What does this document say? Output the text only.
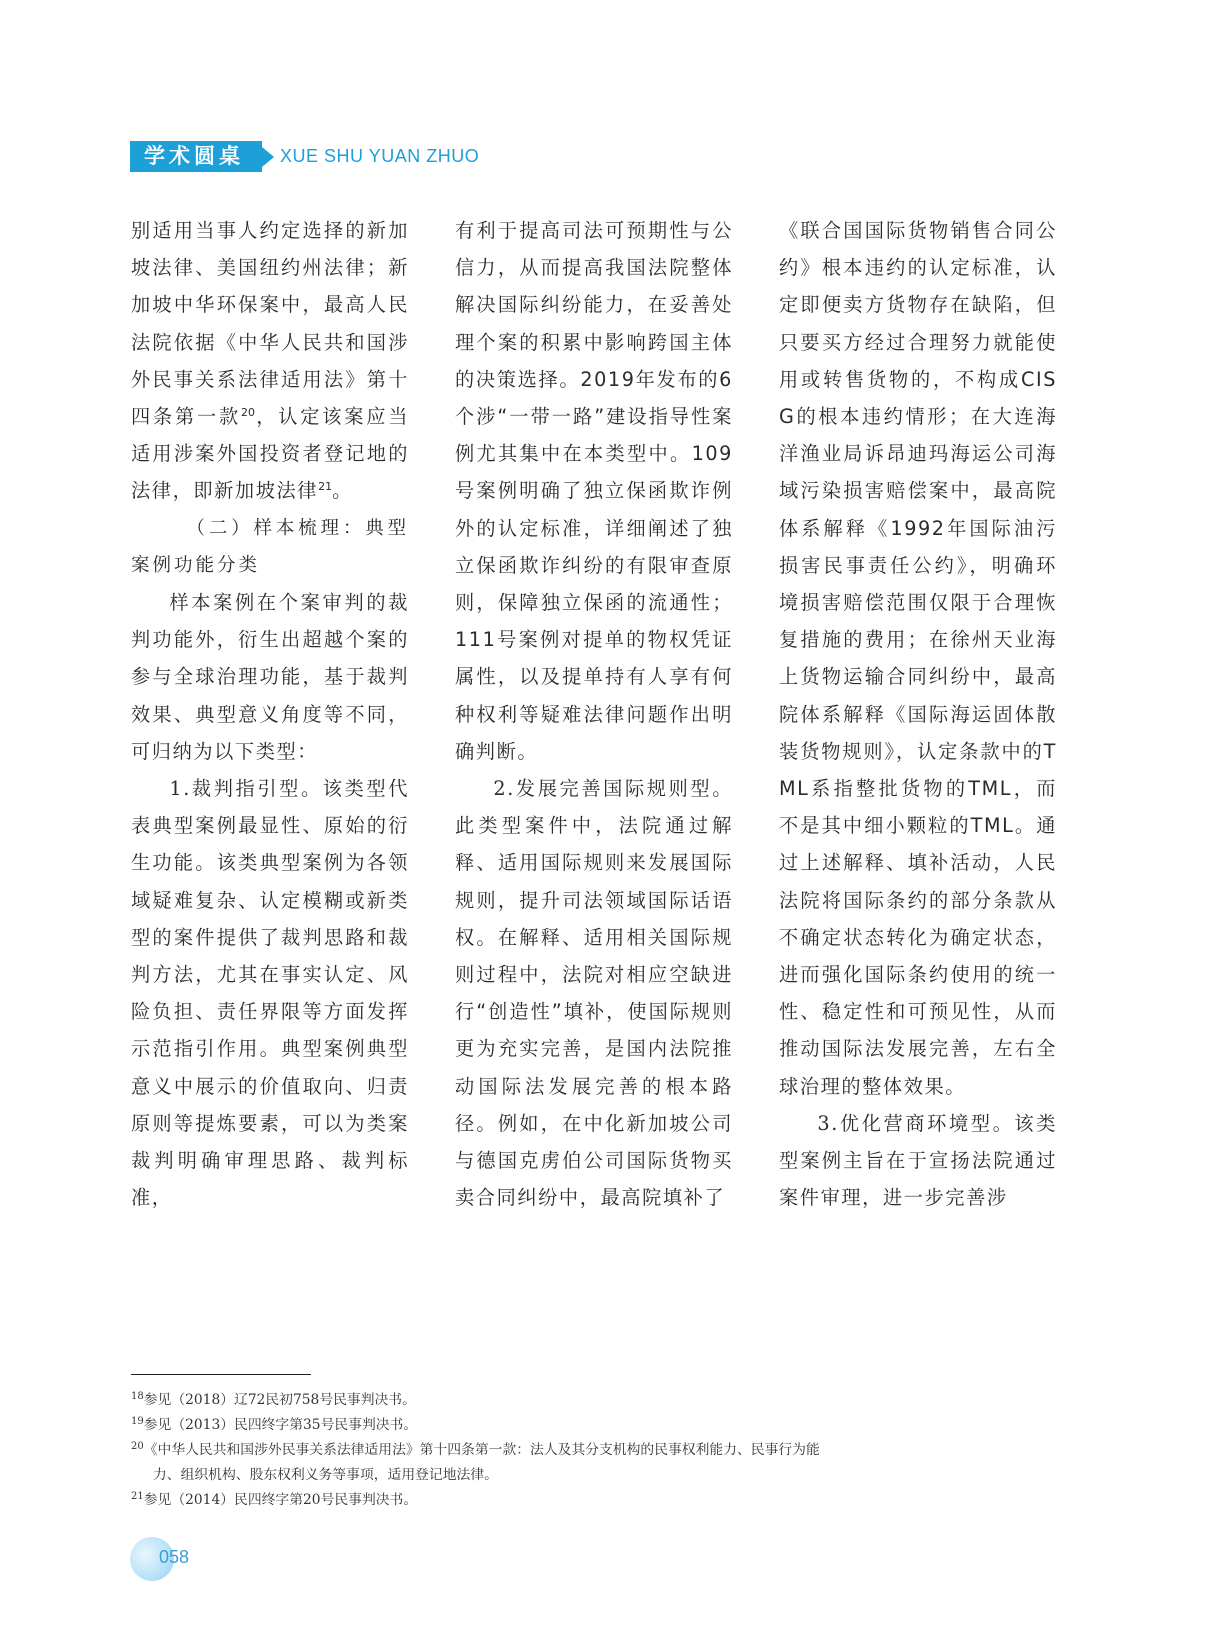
学术圆桌	XUE SHU YUAN ZHUO

别适用当事人约定选择的新加坡法律、美国纽约州法律；新加坡中华环保案中，最高人民法院依据《中华人民共和国涉外民事关系法律适用法》第十四条第一款$^{20}$，认定该案应当适用涉案外国投资者登记地的法律，即新加坡法律$^{21}$。

（二）样本梳理：典型案例功能分类

样本案例在个案审判的裁判功能外，衍生出超越个案的参与全球治理功能，基于裁判效果、典型意义角度等不同，可归纳为以下类型：

1.裁判指引型。该类型代表典型案例最显性、原始的衍生功能。该类典型案例为各领域疑难复杂、认定模糊或新类型的案件提供了裁判思路和裁判方法，尤其在事实认定、风险负担、责任界限等方面发挥示范指引作用。典型案例典型意义中展示的价值取向、归责原则等提炼要素，可以为类案裁判明确审理思路、裁判标准，

有利于提高司法可预期性与公信力，从而提高我国法院整体解决国际纠纷能力，在妥善处理个案的积累中影响跨国主体的决策选择。2019年发布的6个涉“一带一路”建设指导性案例尤其集中在本类型中。109号案例明确了独立保函欺诈例外的认定标准，详细阐述了独立保函欺诈纠纷的有限审查原则，保障独立保函的流通性；111号案例对提单的物权凭证属性，以及提单持有人享有何种权利等疑难法律问题作出明确判断。

2.发展完善国际规则型。此类型案件中，法院通过解释、适用国际规则来发展国际规则，提升司法领域国际话语权。在解释、适用相关国际规则过程中，法院对相应空缺进行“创造性”填补，使国际规则更为充实完善，是国内法院推动国际法发展完善的根本路径。例如，在中化新加坡公司与德国克虏伯公司国际货物买卖合同纠纷中，最高院填补了

《联合国国际货物销售合同公约》根本违约的认定标准，认定即便卖方货物存在缺陷，但只要买方经过合理努力就能使用或转售货物的，不构成CISG的根本违约情形；在大连海洋渔业局诉昂迪玛海运公司海域污染损害赔偿案中，最高院体系解释《1992年国际油污损害民事责任公约》，明确环境损害赔偿范围仅限于合理恢复措施的费用；在徐州天业海上货物运输合同纠纷中，最高院体系解释《国际海运固体散装货物规则》，认定条款中的TML系指整批货物的TML，而不是其中细小颗粒的TML。通过上述解释、填补活动，人民法院将国际条约的部分条款从不确定状态转化为确定状态，进而强化国际条约使用的统一性、稳定性和可预见性，从而推动国际法发展完善，左右全球治理的整体效果。

3.优化营商环境型。该类型案例主旨在于宣扬法院通过案件审理，进一步完善涉

$^{18}$参见（2018）辽72民初758号民事判决书。

$^{19}$参见（2013）民四终字第35号民事判决书。

$^{20}$《中华人民共和国涉外民事关系法律适用法》第十四条第一款：法人及其分支机构的民事权利能力、民事行为能
力、组织机构、股东权利义务等事项，适用登记地法律。

$^{21}$参见（2014）民四终字第20号民事判决书。

058
